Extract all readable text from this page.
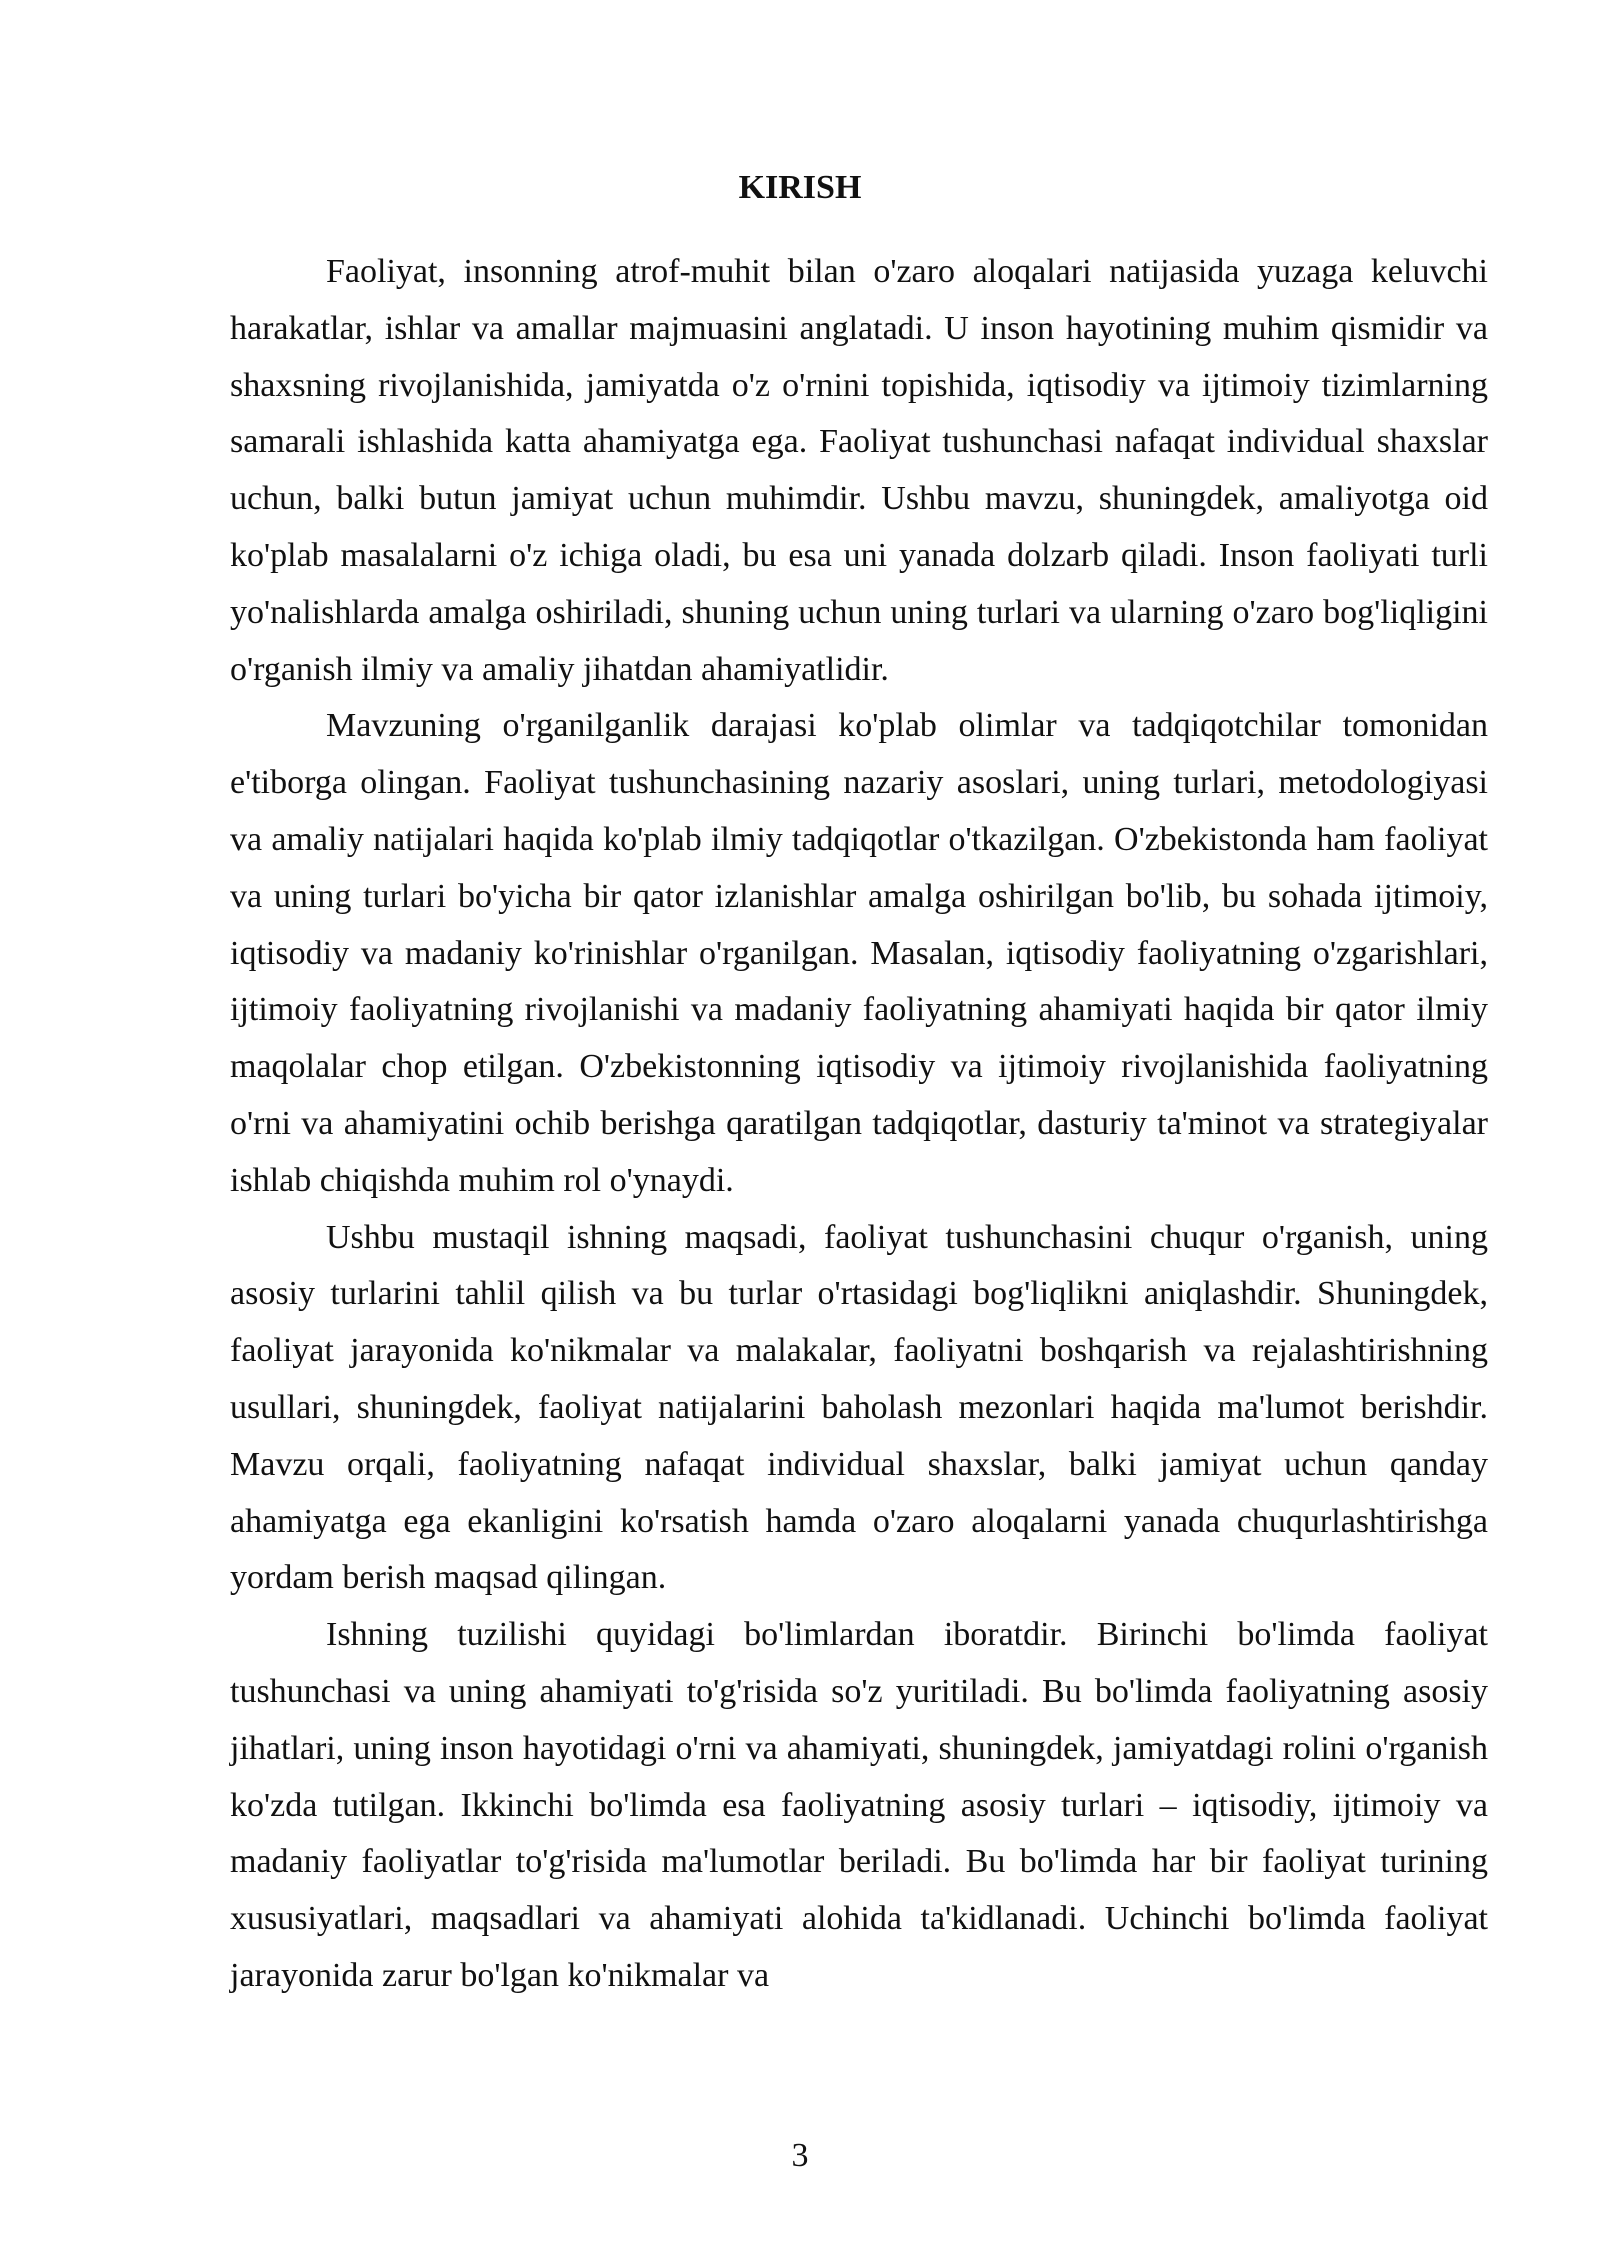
KIRISH

Faoliyat, insonning atrof-muhit bilan o'zaro aloqalari natijasida yuzaga keluvchi harakatlar, ishlar va amallar majmuasini anglatadi. U inson hayotining muhim qismidir va shaxsning rivojlanishida, jamiyatda o'z o'rnini topishida, iqtisodiy va ijtimoiy tizimlarning samarali ishlashida katta ahamiyatga ega. Faoliyat tushunchasi nafaqat individual shaxslar uchun, balki butun jamiyat uchun muhimdir. Ushbu mavzu, shuningdek, amaliyotga oid ko'plab masalalarni o'z ichiga oladi, bu esa uni yanada dolzarb qiladi. Inson faoliyati turli yo'nalishlarda amalga oshiriladi, shuning uchun uning turlari va ularning o'zaro bog'liqligini o'rganish ilmiy va amaliy jihatdan ahamiyatlidir.

Mavzuning o'rganilganlik darajasi ko'plab olimlar va tadqiqotchilar tomonidan e'tiborga olingan. Faoliyat tushunchasining nazariy asoslari, uning turlari, metodologiyasi va amaliy natijalari haqida ko'plab ilmiy tadqiqotlar o'tkazilgan. O'zbekistonda ham faoliyat va uning turlari bo'yicha bir qator izlanishlar amalga oshirilgan bo'lib, bu sohada ijtimoiy, iqtisodiy va madaniy ko'rinishlar o'rganilgan. Masalan, iqtisodiy faoliyatning o'zgarishlari, ijtimoiy faoliyatning rivojlanishi va madaniy faoliyatning ahamiyati haqida bir qator ilmiy maqolalar chop etilgan. O'zbekistonning iqtisodiy va ijtimoiy rivojlanishida faoliyatning o'rni va ahamiyatini ochib berishga qaratilgan tadqiqotlar, dasturiy ta'minot va strategiyalar ishlab chiqishda muhim rol o'ynaydi.

Ushbu mustaqil ishning maqsadi, faoliyat tushunchasini chuqur o'rganish, uning asosiy turlarini tahlil qilish va bu turlar o'rtasidagi bog'liqlikni aniqlashdir. Shuningdek, faoliyat jarayonida ko'nikmalar va malakalar, faoliyatni boshqarish va rejalashtirishning usullari, shuningdek, faoliyat natijalarini baholash mezonlari haqida ma'lumot berishdir. Mavzu orqali, faoliyatning nafaqat individual shaxslar, balki jamiyat uchun qanday ahamiyatga ega ekanligini ko'rsatish hamda o'zaro aloqalarni yanada chuqurlashtirishga yordam berish maqsad qilingan.

Ishning tuzilishi quyidagi bo'limlardan iboratdir. Birinchi bo'limda faoliyat tushunchasi va uning ahamiyati to'g'risida so'z yuritiladi. Bu bo'limda faoliyatning asosiy jihatlari, uning inson hayotidagi o'rni va ahamiyati, shuningdek, jamiyatdagi rolini o'rganish ko'zda tutilgan. Ikkinchi bo'limda esa faoliyatning asosiy turlari – iqtisodiy, ijtimoiy va madaniy faoliyatlar to'g'risida ma'lumotlar beriladi. Bu bo'limda har bir faoliyat turining xususiyatlari, maqsadlari va ahamiyati alohida ta'kidlanadi. Uchinchi bo'limda faoliyat jarayonida zarur bo'lgan ko'nikmalar va

3
